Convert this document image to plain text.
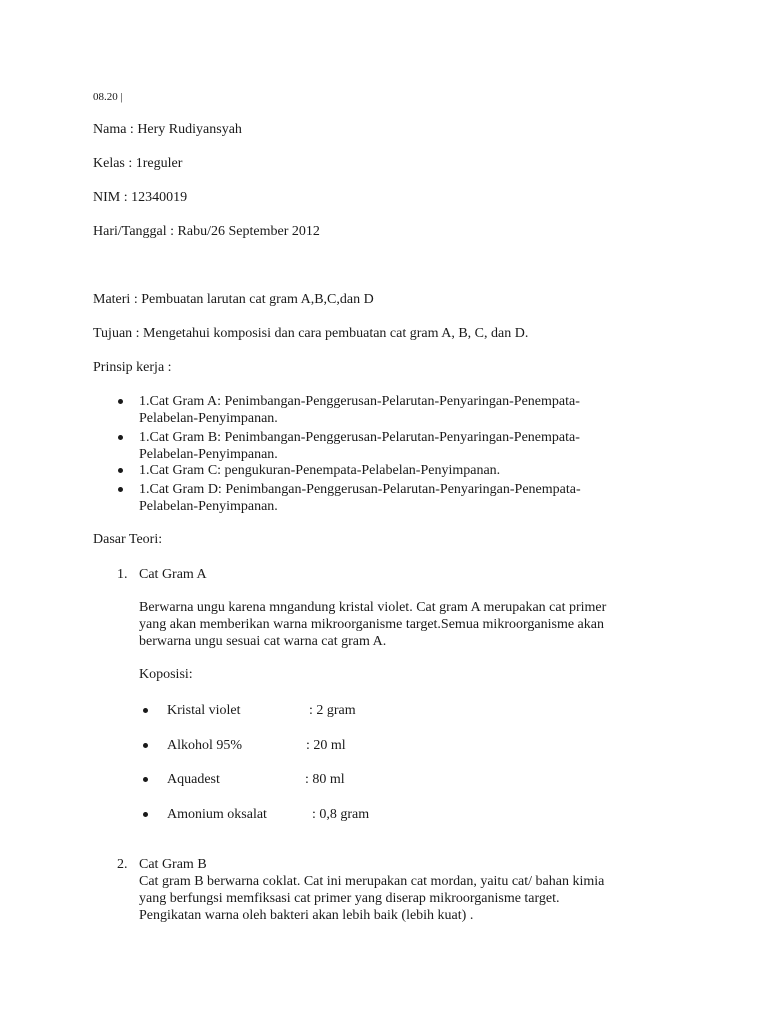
08.20 |
Nama : Hery Rudiyansyah
Kelas : 1reguler
NIM : 12340019
Hari/Tanggal : Rabu/26 September 2012
Materi : Pembuatan larutan cat gram A,B,C,dan D
Tujuan : Mengetahui komposisi dan cara pembuatan cat gram A, B, C, dan D.
Prinsip kerja :
1.Cat Gram A: Penimbangan-Penggerusan-Pelarutan-Penyaringan-Penempata-
Pelabelan-Penyimpanan.
1.Cat Gram B: Penimbangan-Penggerusan-Pelarutan-Penyaringan-Penempata-
Pelabelan-Penyimpanan.
1.Cat Gram C: pengukuran-Penempata-Pelabelan-Penyimpanan.
1.Cat Gram D: Penimbangan-Penggerusan-Pelarutan-Penyaringan-Penempata-
Pelabelan-Penyimpanan.
Dasar Teori:
1. Cat Gram A
Berwarna ungu karena mngandung kristal violet. Cat gram A merupakan cat primer
yang akan memberikan warna mikroorganisme target.Semua mikroorganisme akan
berwarna ungu sesuai cat warna cat gram A.
Koposisi:
Kristal violet	: 2 gram
Alkohol 95%	: 20 ml
Aquadest	: 80 ml
Amonium oksalat	: 0,8 gram
2. Cat Gram B
Cat gram B berwarna coklat. Cat ini merupakan cat mordan, yaitu cat/ bahan kimia
yang berfungsi memfiksasi cat primer yang diserap mikroorganisme target.
Pengikatan warna oleh bakteri akan lebih baik (lebih kuat) .
